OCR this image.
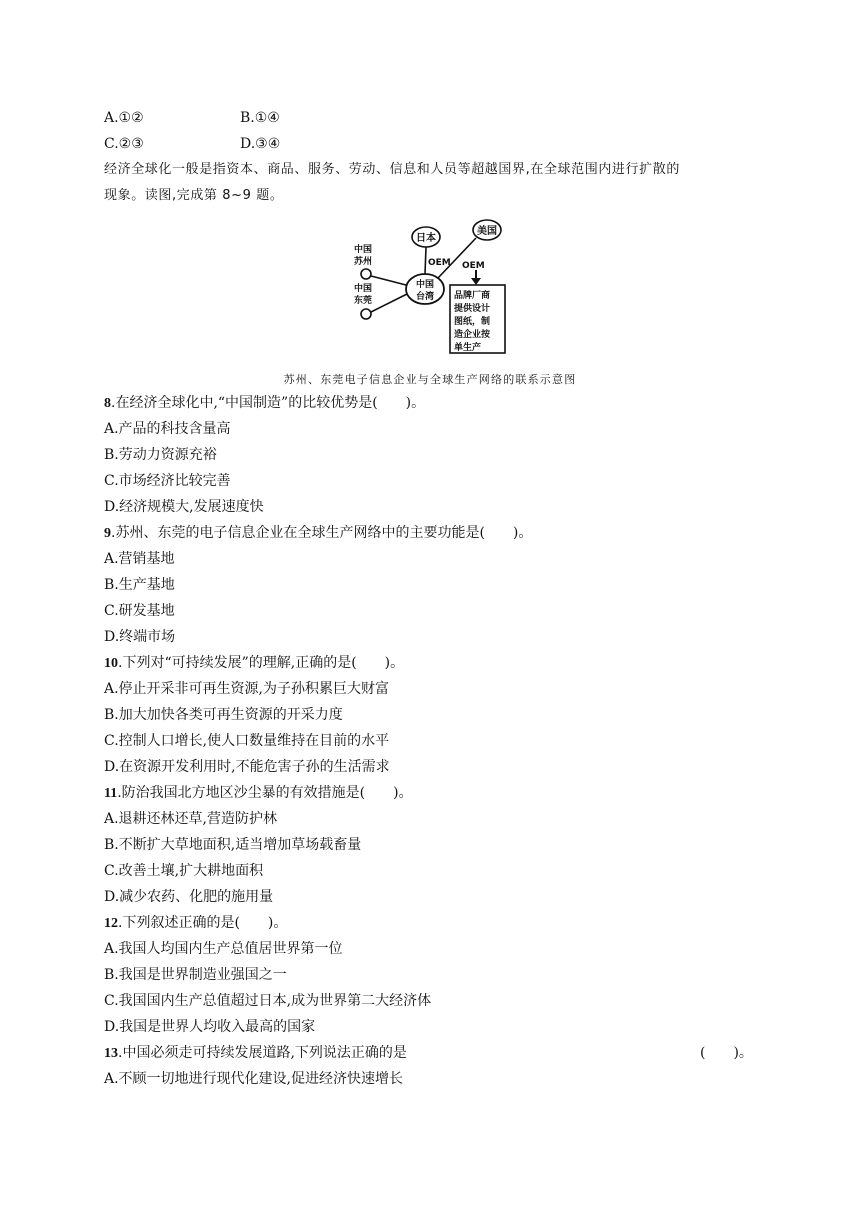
A.①②	B.①④
C.②③	D.③④
经济全球化一般是指资本、商品、服务、劳动、信息和人员等超越国界,在全球范围内进行扩散的
现象。读图,完成第 8~9 题。
日本
美国
中国
苏州
中国
东莞
中国
台湾
OEM OEM
品牌厂商
提供设计
图纸，制
造企业按
单生产
苏州、东莞电子信息企业与全球生产网络的联系示意图
8.在经济全球化中,“中国制造”的比较优势是(　　)。
A.产品的科技含量高
B.劳动力资源充裕
C.市场经济比较完善
D.经济规模大,发展速度快
9.苏州、东莞的电子信息企业在全球生产网络中的主要功能是(　　)。
A.营销基地
B.生产基地
C.研发基地
D.终端市场
10.下列对“可持续发展”的理解,正确的是(　　)。
A.停止开采非可再生资源,为子孙积累巨大财富
B.加大加快各类可再生资源的开采力度
C.控制人口增长,使人口数量维持在目前的水平
D.在资源开发利用时,不能危害子孙的生活需求
11.防治我国北方地区沙尘暴的有效措施是(　　)。
A.退耕还林还草,营造防护林
B.不断扩大草地面积,适当增加草场载畜量
C.改善土壤,扩大耕地面积
D.减少农药、化肥的施用量
12.下列叙述正确的是(　　)。
A.我国人均国内生产总值居世界第一位
B.我国是世界制造业强国之一
C.我国国内生产总值超过日本,成为世界第二大经济体
D.我国是世界人均收入最高的国家
13.中国必须走可持续发展道路,下列说法正确的是	(　　)。
A.不顾一切地进行现代化建设,促进经济快速增长
